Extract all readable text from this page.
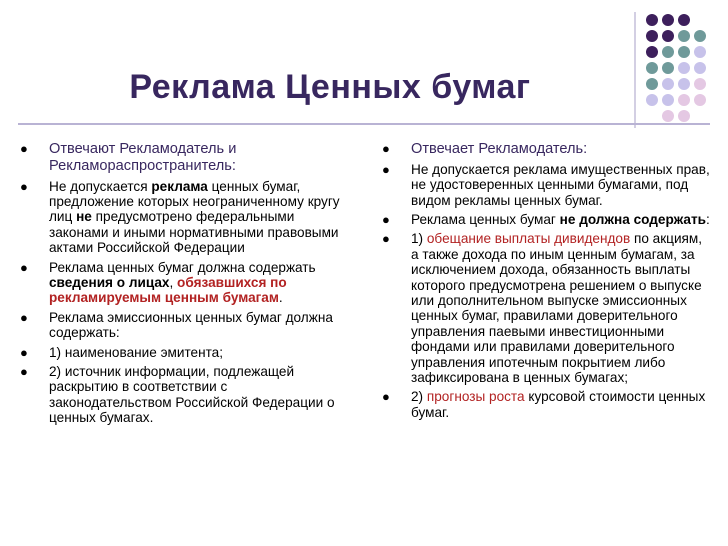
Реклама Ценных бумаг
● Отвечают Рекламодатель и Рекламораспространитель:
● Не допускается реклама ценных бумаг, предложение которых неограниченному кругу лиц не предусмотрено федеральными законами и иными нормативными правовыми актами Российской Федерации
● Реклама ценных бумаг должна содержать сведения о лицах, обязавшихся по рекламируемым ценным бумагам.
● Реклама эмиссионных ценных бумаг должна содержать:
● 1) наименование эмитента;
● 2) источник информации, подлежащей раскрытию в соответствии с законодательством Российской Федерации о ценных бумагах.
● Отвечает Рекламодатель:
● Не допускается реклама имущественных прав, не удостоверенных ценными бумагами, под видом рекламы ценных бумаг.
● Реклама ценных бумаг не должна содержать:
● 1) обещание выплаты дивидендов по акциям, а также дохода по иным ценным бумагам, за исключением дохода, обязанность выплаты которого предусмотрена решением о выпуске или дополнительном выпуске эмиссионных ценных бумаг, правилами доверительного управления паевыми инвестиционными фондами или правилами доверительного управления ипотечным покрытием либо зафиксирована в ценных бумагах;
● 2) прогнозы роста курсовой стоимости ценных бумаг.
